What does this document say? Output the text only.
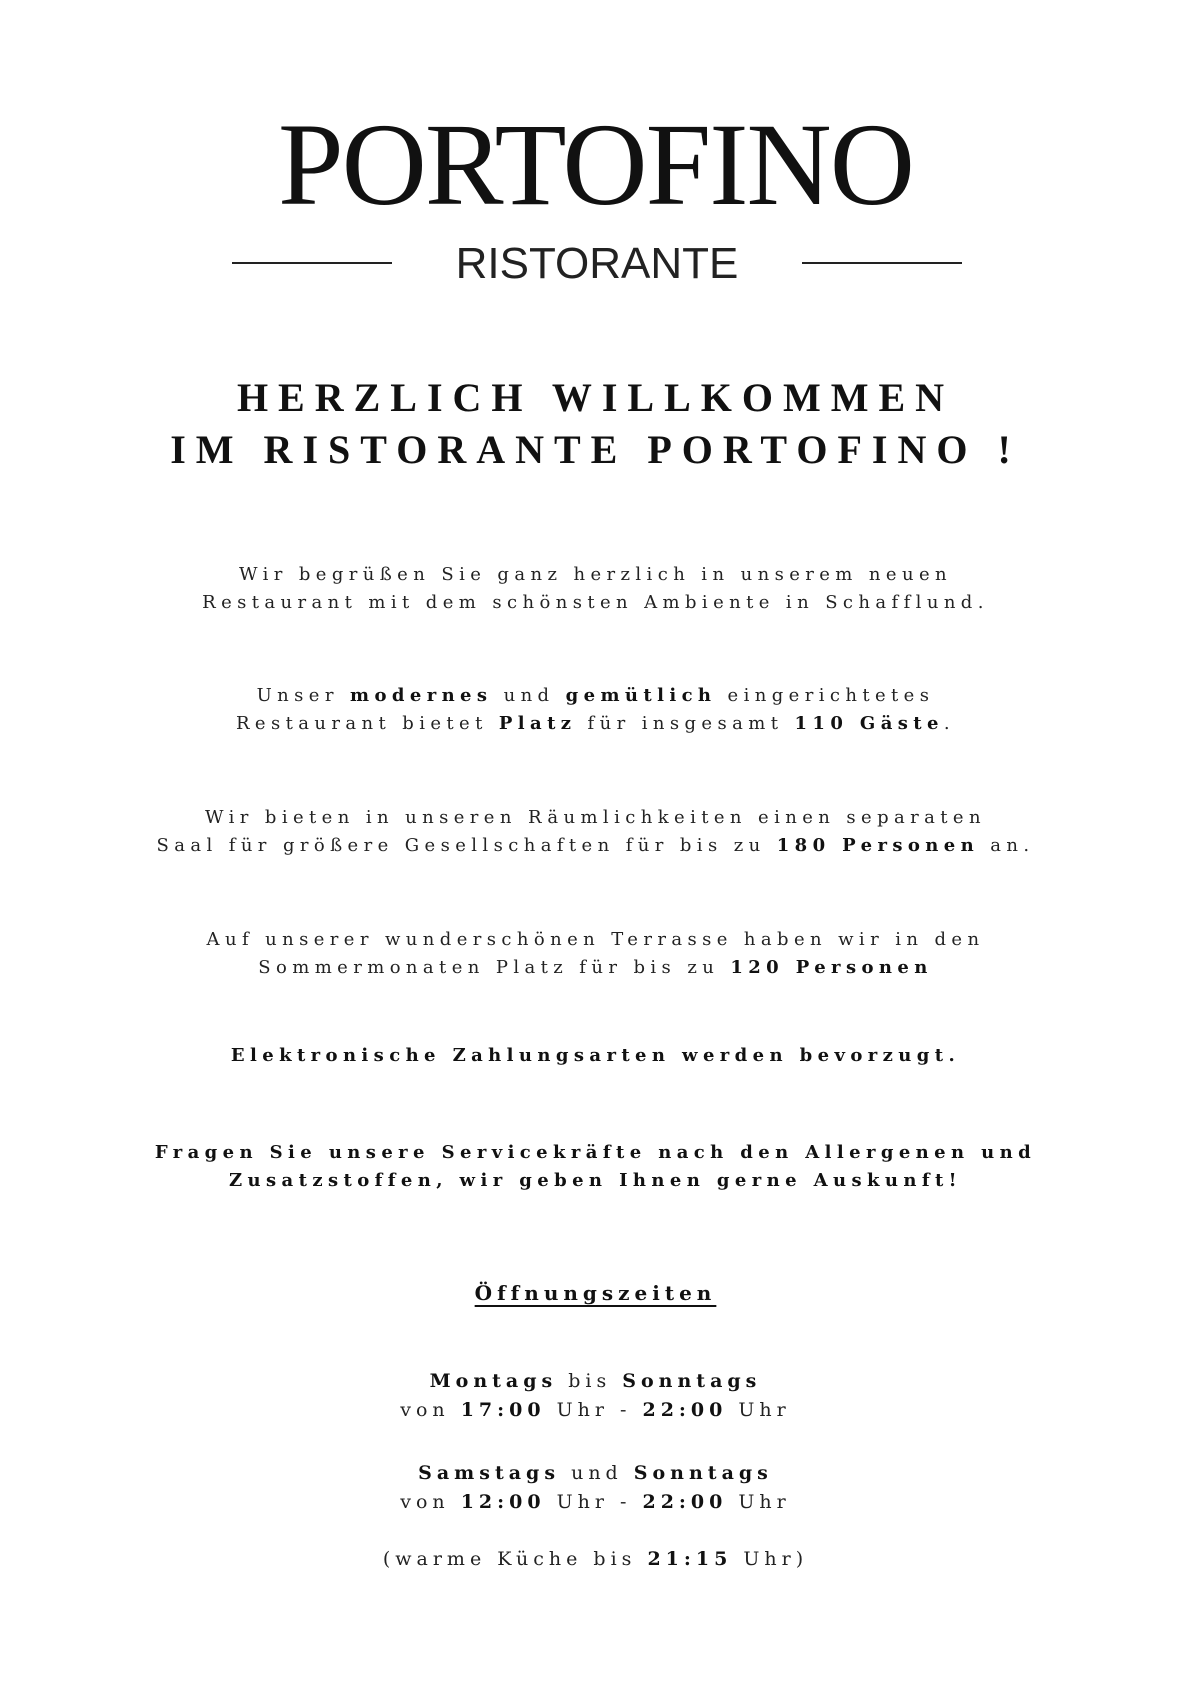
PORTOFINO
RISTORANTE
HERZLICH WILLKOMMEN
IM RISTORANTE PORTOFINO !
Wir begrüßen Sie ganz herzlich in unserem neuen
Restaurant mit dem schönsten Ambiente in Schafflund.
Unser modernes und gemütlich eingerichtetes
Restaurant bietet Platz für insgesamt 110 Gäste.
Wir bieten in unseren Räumlichkeiten einen separaten
Saal für größere Gesellschaften für bis zu 180 Personen an.
Auf unserer wunderschönen Terrasse haben wir in den
Sommermonaten Platz für bis zu 120 Personen
Elektronische Zahlungsarten werden bevorzugt.
Fragen Sie unsere Servicekräfte nach den Allergenen und
Zusatzstoffen, wir geben Ihnen gerne Auskunft!
Öffnungszeiten
Montags bis Sonntags
von 17:00 Uhr - 22:00 Uhr
Samstags und Sonntags
von 12:00 Uhr - 22:00 Uhr
(warme Küche bis 21:15 Uhr)
